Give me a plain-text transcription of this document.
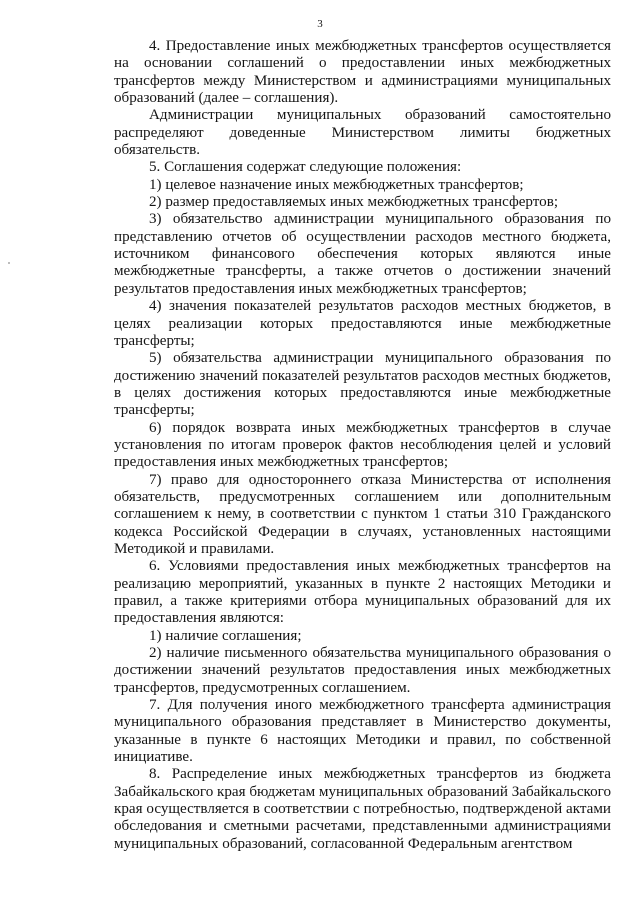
3

4. Предоставление иных межбюджетных трансфертов осуществляется на основании соглашений о предоставлении иных межбюджетных трансфертов между Министерством и администрациями муниципальных образований (далее – соглашения).

Администрации муниципальных образований самостоятельно распределяют доведенные Министерством лимиты бюджетных обязательств.

5. Соглашения содержат следующие положения:

1) целевое назначение иных межбюджетных трансфертов;

2) размер предоставляемых иных межбюджетных трансфертов;

3) обязательство администрации муниципального образования по представлению отчетов об осуществлении расходов местного бюджета, источником финансового обеспечения которых являются иные межбюджетные трансферты, а также отчетов о достижении значений результатов предоставления иных межбюджетных трансфертов;

4) значения показателей результатов расходов местных бюджетов, в целях реализации которых предоставляются иные межбюджетные трансферты;

5) обязательства администрации муниципального образования по достижению значений показателей результатов расходов местных бюджетов, в целях достижения которых предоставляются иные межбюджетные трансферты;

6) порядок возврата иных межбюджетных трансфертов в случае установления по итогам проверок фактов несоблюдения целей и условий предоставления иных межбюджетных трансфертов;

7) право для одностороннего отказа Министерства от исполнения обязательств, предусмотренных соглашением или дополнительным соглашением к нему, в соответствии с пунктом 1 статьи 310 Гражданского кодекса Российской Федерации в случаях, установленных настоящими Методикой и правилами.

6. Условиями предоставления иных межбюджетных трансфертов на реализацию мероприятий, указанных в пункте 2 настоящих Методики и правил, а также критериями отбора муниципальных образований для их предоставления являются:

1) наличие соглашения;

2) наличие письменного обязательства муниципального образования о достижении значений результатов предоставления иных межбюджетных трансфертов, предусмотренных соглашением.

7. Для получения иного межбюджетного трансферта администрация муниципального образования представляет в Министерство документы, указанные в пункте 6 настоящих Методики и правил, по собственной инициативе.

8. Распределение иных межбюджетных трансфертов из бюджета Забайкальского края бюджетам муниципальных образований Забайкальского края осуществляется в соответствии с потребностью, подтвержденой актами обследования и сметными расчетами, представленными администрациями муниципальных образований, согласованной Федеральным агентством
